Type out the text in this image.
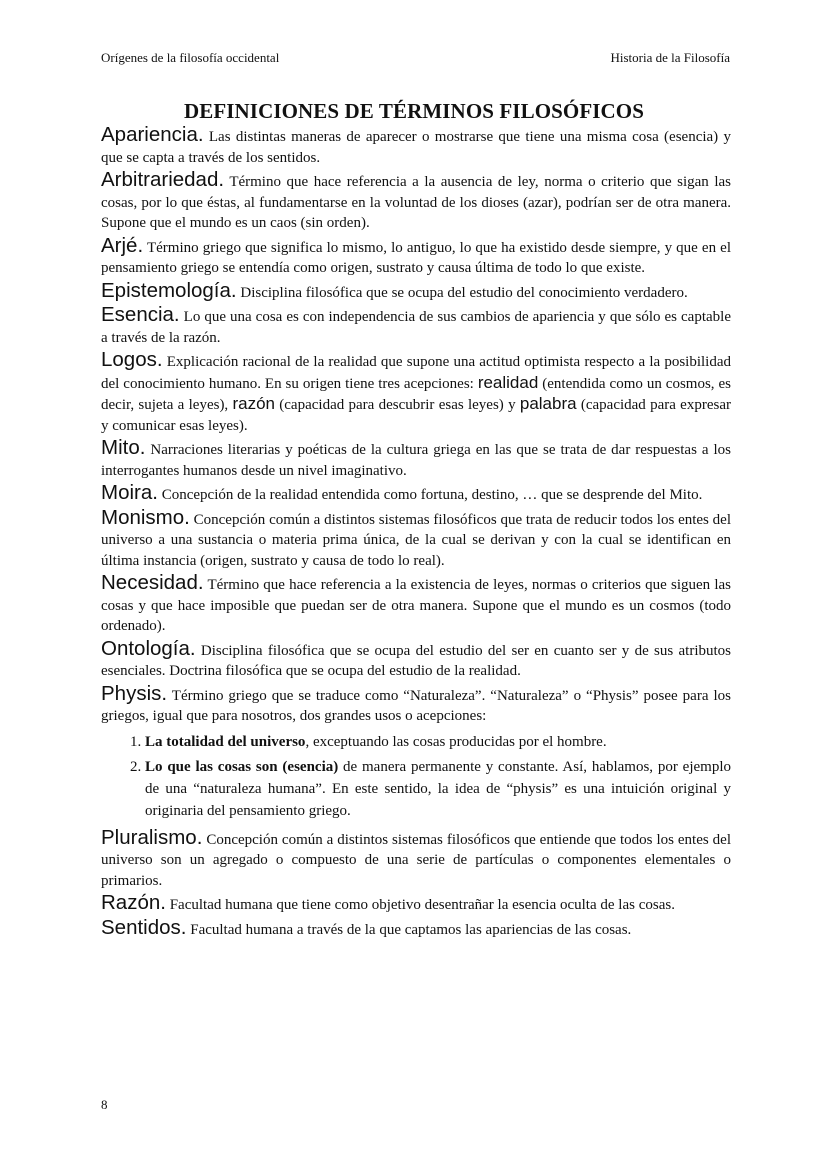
Orígenes de la filosofía occidental	Historia de la Filosofía
DEFINICIONES DE TÉRMINOS FILOSÓFICOS

Apariencia. Las distintas maneras de aparecer o mostrarse que tiene una misma cosa (esencia) y que se capta a través de los sentidos.

Arbitrariedad. Término que hace referencia a la ausencia de ley, norma o criterio que sigan las cosas, por lo que éstas, al fundamentarse en la voluntad de los dioses (azar), podrían ser de otra manera. Supone que el mundo es un caos (sin orden).

Arjé. Término griego que significa lo mismo, lo antiguo, lo que ha existido desde siempre, y que en el pensamiento griego se entendía como origen, sustrato y causa última de todo lo que existe.

Epistemología. Disciplina filosófica que se ocupa del estudio del conocimiento verdadero.

Esencia. Lo que una cosa es con independencia de sus cambios de apariencia y que sólo es captable a través de la razón.

Logos. Explicación racional de la realidad que supone una actitud optimista respecto a la posibilidad del conocimiento humano. En su origen tiene tres acepciones: realidad (entendida como un cosmos, es decir, sujeta a leyes), razón (capacidad para descubrir esas leyes) y palabra (capacidad para expresar y comunicar esas leyes).

Mito. Narraciones literarias y poéticas de la cultura griega en las que se trata de dar respuestas a los interrogantes humanos desde un nivel imaginativo.

Moira. Concepción de la realidad entendida como fortuna, destino, … que se desprende del Mito.

Monismo. Concepción común a distintos sistemas filosóficos que trata de reducir todos los entes del universo a una sustancia o materia prima única, de la cual se derivan y con la cual se identifican en última instancia (origen, sustrato y causa de todo lo real).

Necesidad. Término que hace referencia a la existencia de leyes, normas o criterios que siguen las cosas y que hace imposible que puedan ser de otra manera. Supone que el mundo es un cosmos (todo ordenado).

Ontología. Disciplina filosófica que se ocupa del estudio del ser en cuanto ser y de sus atributos esenciales. Doctrina filosófica que se ocupa del estudio de la realidad.

Physis. Término griego que se traduce como “Naturaleza”. “Naturaleza” o “Physis” posee para los griegos, igual que para nosotros, dos grandes usos o acepciones:

1. La totalidad del universo, exceptuando las cosas producidas por el hombre.
2. Lo que las cosas son (esencia) de manera permanente y constante. Así, hablamos, por ejemplo de una “naturaleza humana”. En este sentido, la idea de “physis” es una intuición original y originaria del pensamiento griego.

Pluralismo. Concepción común a distintos sistemas filosóficos que entiende que todos los entes del universo son un agregado o compuesto de una serie de partículas o componentes elementales o primarios.

Razón. Facultad humana que tiene como objetivo desentrañar la esencia oculta de las cosas.

Sentidos. Facultad humana a través de la que captamos las apariencias de las cosas.

8
